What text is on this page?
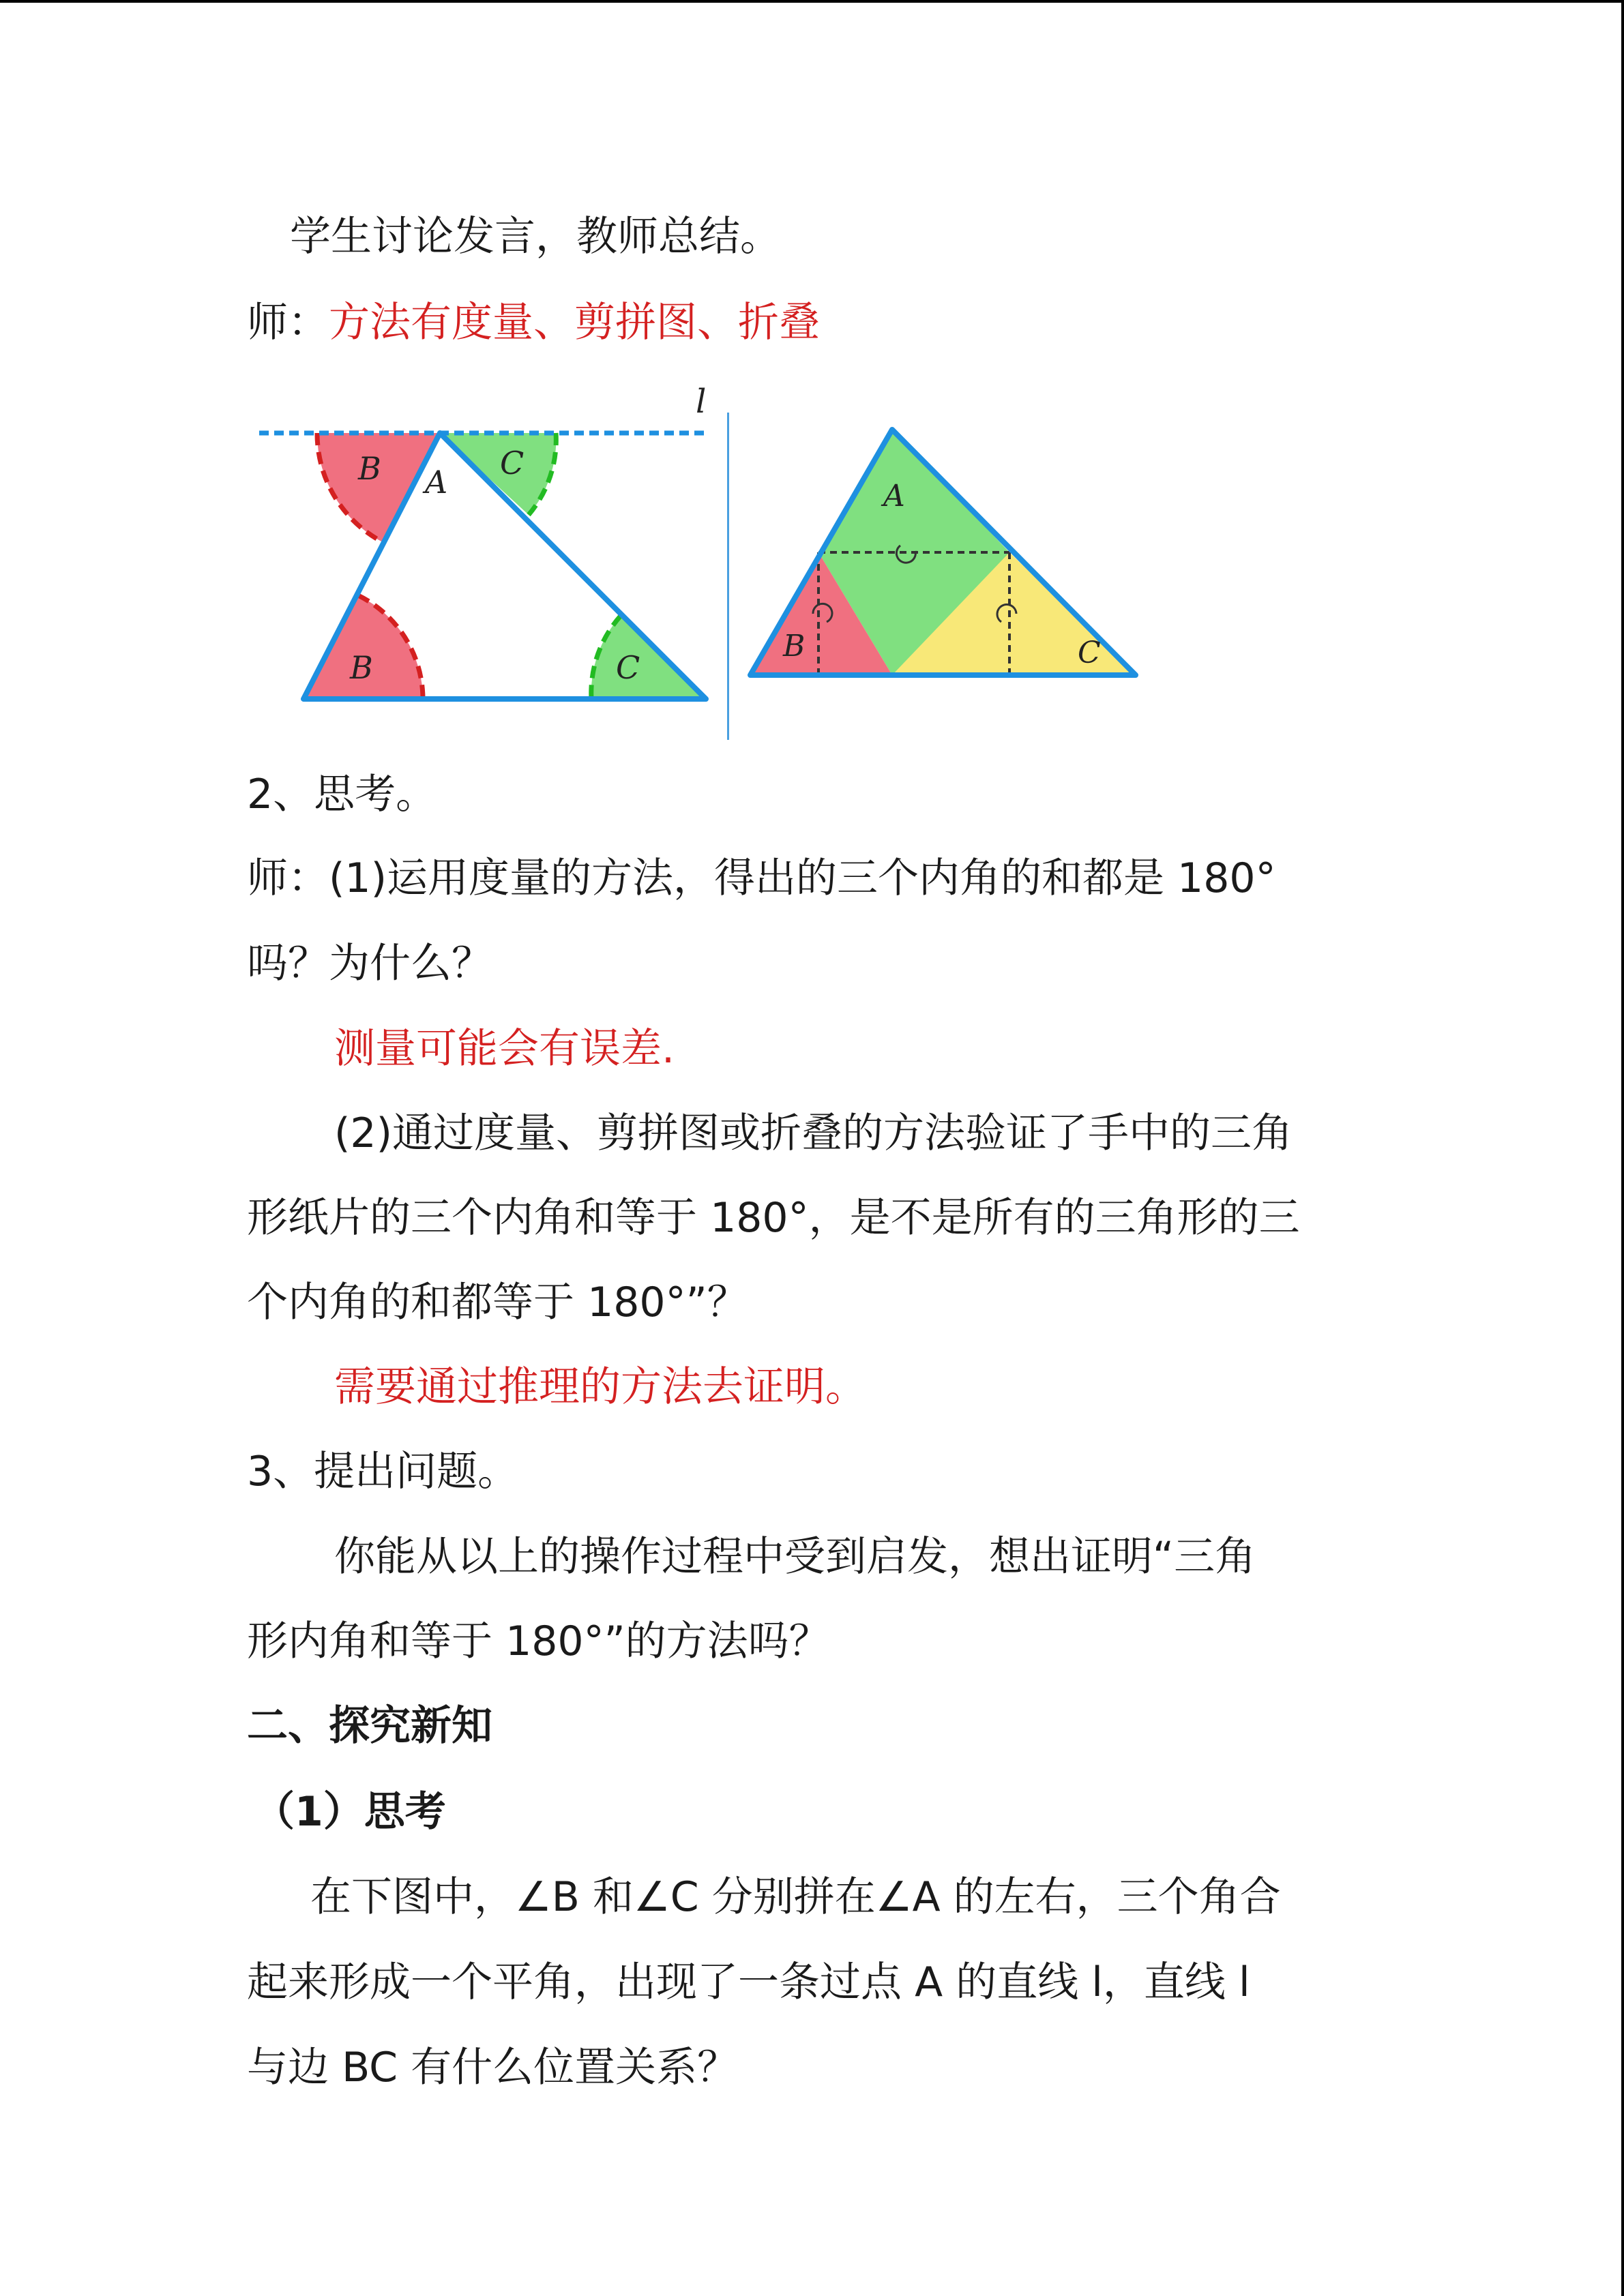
学生讨论发言，教师总结。
师：方法有度量、剪拼图、折叠
l
B A
C
B	C
A
B	C
2、思考。
师：(1)运用度量的方法，得出的三个内角的和都是 180°
吗？为什么？
测量可能会有误差.
(2)通过度量、剪拼图或折叠的方法验证了手中的三角
形纸片的三个内角和等于 180°，是不是所有的三角形的三
个内角的和都等于 180°”？
需要通过推理的方法去证明。
3、提出问题。
你能从以上的操作过程中受到启发，想出证明“三角
形内角和等于 180°”的方法吗？
二、探究新知
（1）思考
在下图中，∠B 和∠C 分别拼在∠A 的左右，三个角合
起来形成一个平角，出现了一条过点 A 的直线 l，直线 l
与边 BC 有什么位置关系？
